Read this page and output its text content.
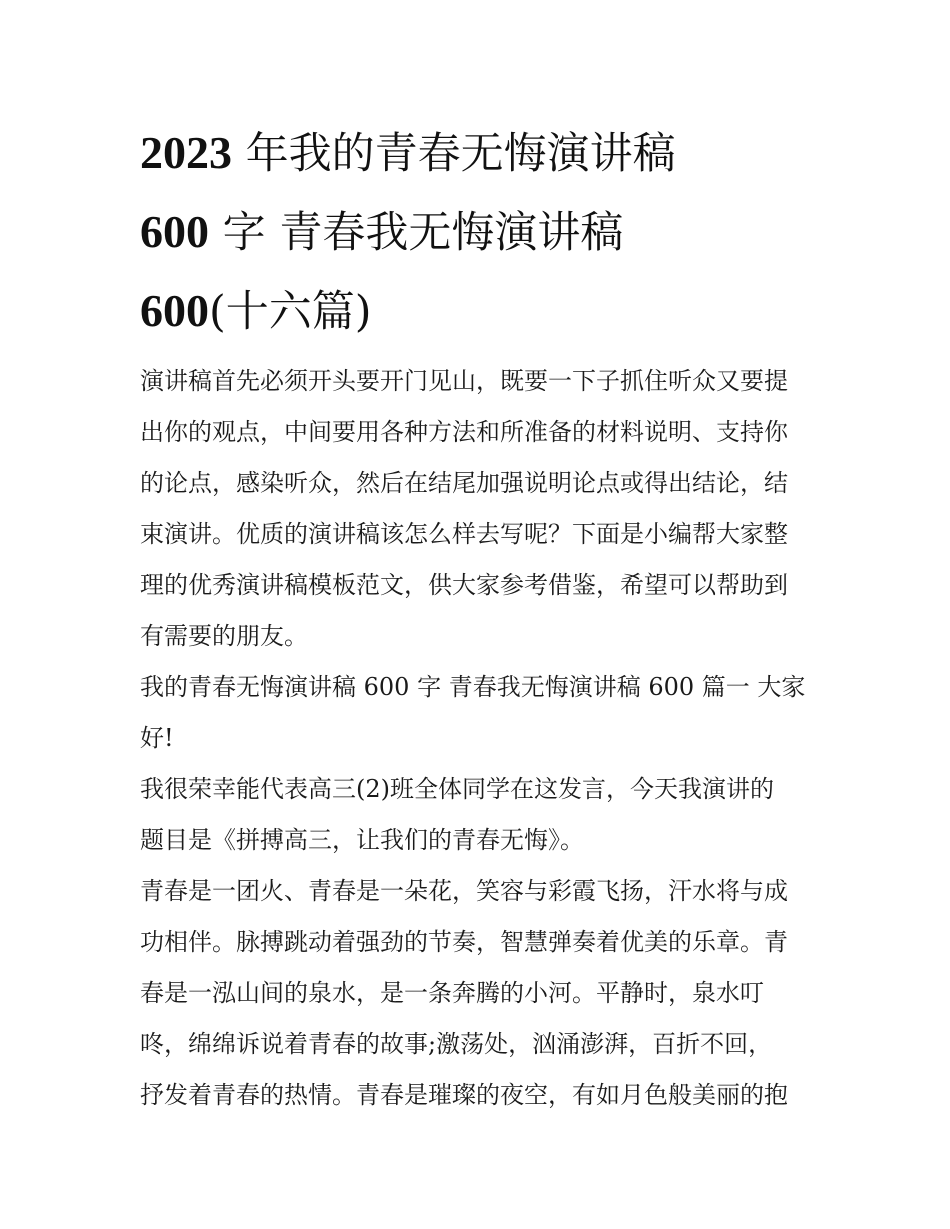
2023 年我的青春无悔演讲稿
600 字 青春我无悔演讲稿
600(十六篇)

演讲稿首先必须开头要开门见山，既要一下子抓住听众又要提
出你的观点，中间要用各种方法和所准备的材料说明、支持你
的论点，感染听众，然后在结尾加强说明论点或得出结论，结
束演讲。优质的演讲稿该怎么样去写呢？下面是小编帮大家整
理的优秀演讲稿模板范文，供大家参考借鉴，希望可以帮助到
有需要的朋友。

我的青春无悔演讲稿 600 字 青春我无悔演讲稿 600 篇一 大家
好!

我很荣幸能代表高三(2)班全体同学在这发言，今天我演讲的
题目是《拼搏高三，让我们的青春无悔》。

青春是一团火、青春是一朵花，笑容与彩霞飞扬，汗水将与成
功相伴。脉搏跳动着强劲的节奏，智慧弹奏着优美的乐章。青
春是一泓山间的泉水，是一条奔腾的小河。平静时，泉水叮
咚，绵绵诉说着青春的故事;激荡处，汹涌澎湃，百折不回，
抒发着青春的热情。青春是璀璨的夜空，有如月色般美丽的抱
